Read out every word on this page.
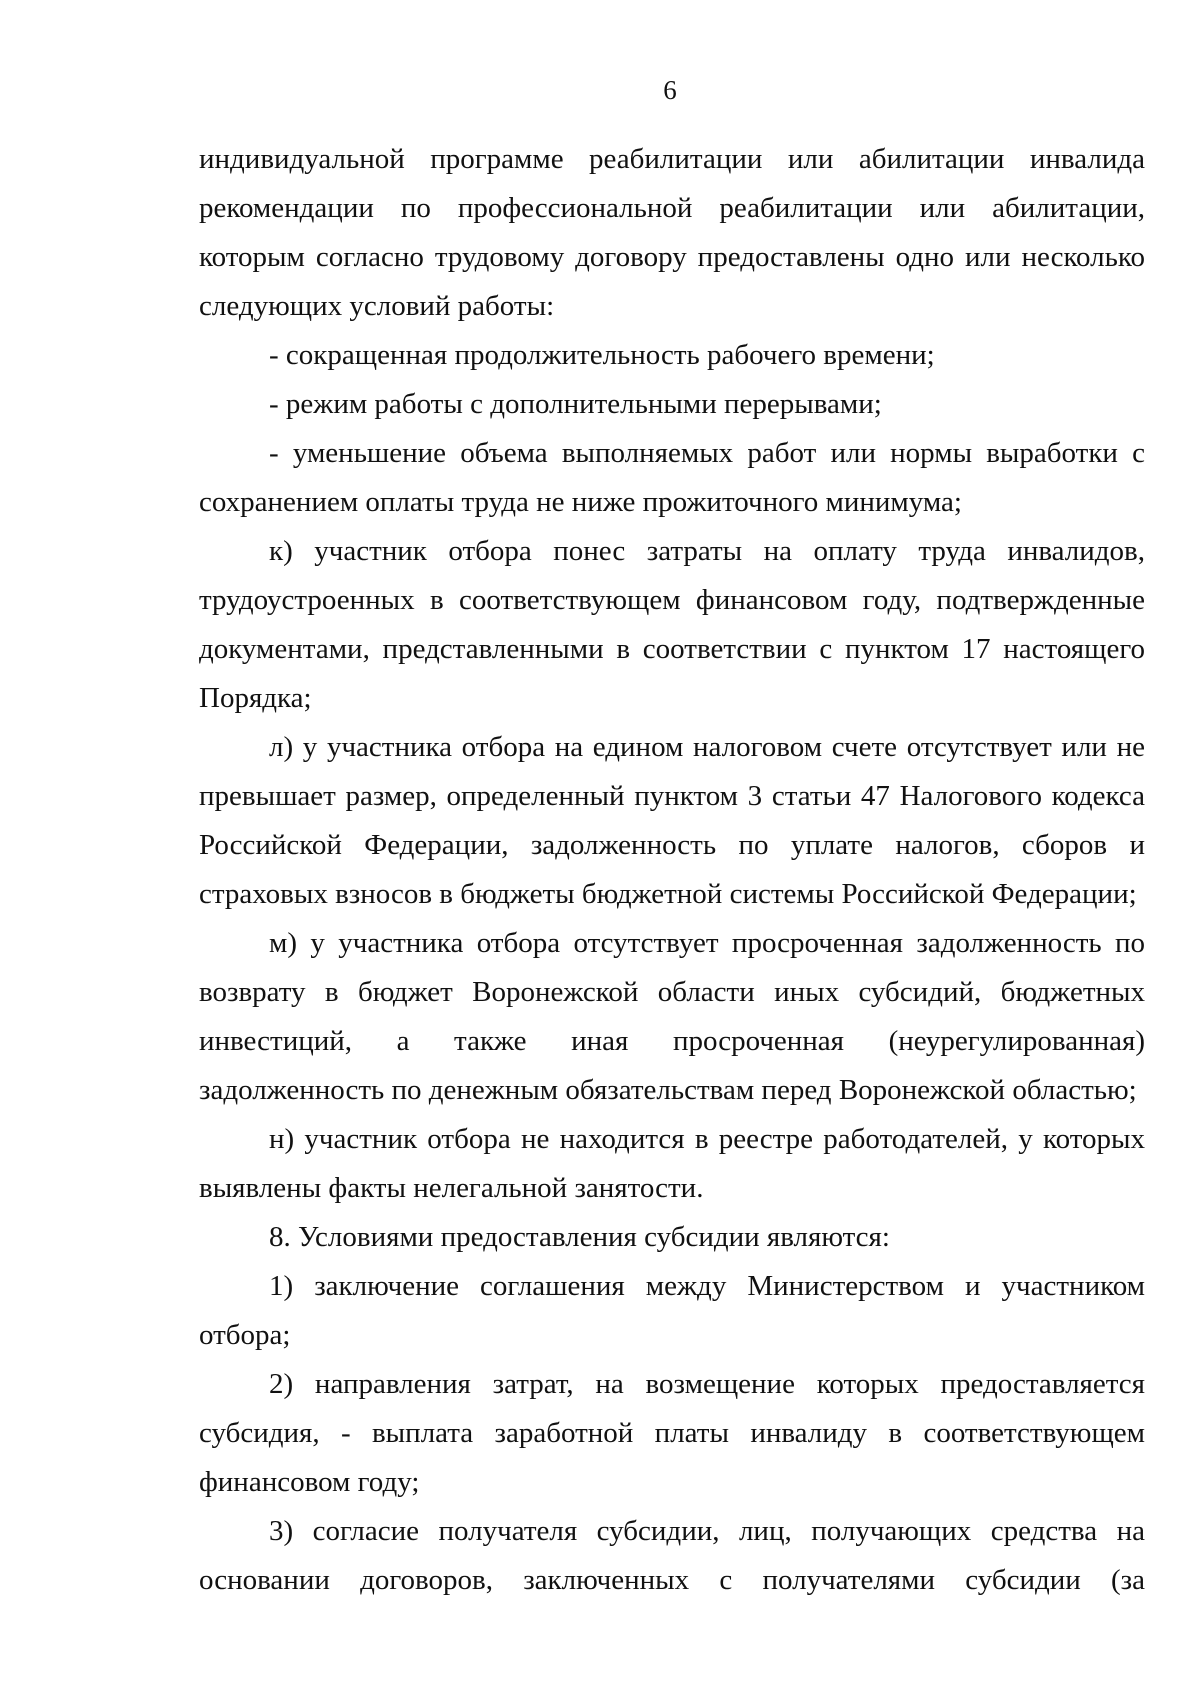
6

индивидуальной программе реабилитации или абилитации инвалида рекомендации по профессиональной реабилитации или абилитации, которым согласно трудовому договору предоставлены одно или несколько следующих условий работы:

- сокращенная продолжительность рабочего времени;

- режим работы с дополнительными перерывами;

- уменьшение объема выполняемых работ или нормы выработки с сохранением оплаты труда не ниже прожиточного минимума;

к) участник отбора понес затраты на оплату труда инвалидов, трудоустроенных в соответствующем финансовом году, подтвержденные документами, представленными в соответствии с пунктом 17 настоящего Порядка;

л) у участника отбора на едином налоговом счете отсутствует или не превышает размер, определенный пунктом 3 статьи 47 Налогового кодекса Российской Федерации, задолженность по уплате налогов, сборов и страховых взносов в бюджеты бюджетной системы Российской Федерации;

м) у участника отбора отсутствует просроченная задолженность по возврату в бюджет Воронежской области иных субсидий, бюджетных инвестиций, а также иная просроченная (неурегулированная) задолженность по денежным обязательствам перед Воронежской областью;

н) участник отбора не находится в реестре работодателей, у которых выявлены факты нелегальной занятости.

8. Условиями предоставления субсидии являются:

1) заключение соглашения между Министерством и участником отбора;

2) направления затрат, на возмещение которых предоставляется субсидия, - выплата заработной платы инвалиду в соответствующем финансовом году;

3) согласие получателя субсидии, лиц, получающих средства на основании договоров, заключенных с получателями субсидии (за
